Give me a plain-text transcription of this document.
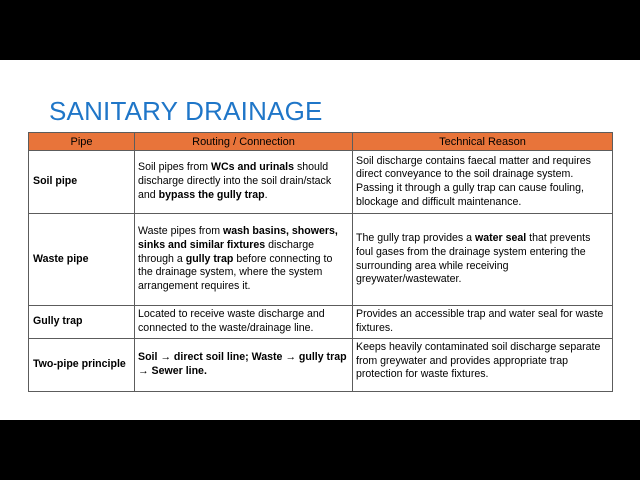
SANITARY DRAINAGE
Pipe	Routing / Connection	Technical Reason
Soil pipe	Soil pipes from WCs and urinals should discharge directly into the soil drain/stack and bypass the gully trap.	Soil discharge contains faecal matter and requires direct conveyance to the soil drainage system. Passing it through a gully trap can cause fouling, blockage and difficult maintenance.
Waste pipe	Waste pipes from wash basins, showers, sinks and similar fixtures discharge through a gully trap before connecting to the drainage system, where the system arrangement requires it.	The gully trap provides a water seal that prevents foul gases from the drainage system entering the surrounding area while receiving greywater/wastewater.
Gully trap	Located to receive waste discharge and connected to the waste/drainage line.	Provides an accessible trap and water seal for waste fixtures.
Two-pipe principle	Soil → direct soil line; Waste → gully trap → Sewer line.	Keeps heavily contaminated soil discharge separate from greywater and provides appropriate trap protection for waste fixtures.
